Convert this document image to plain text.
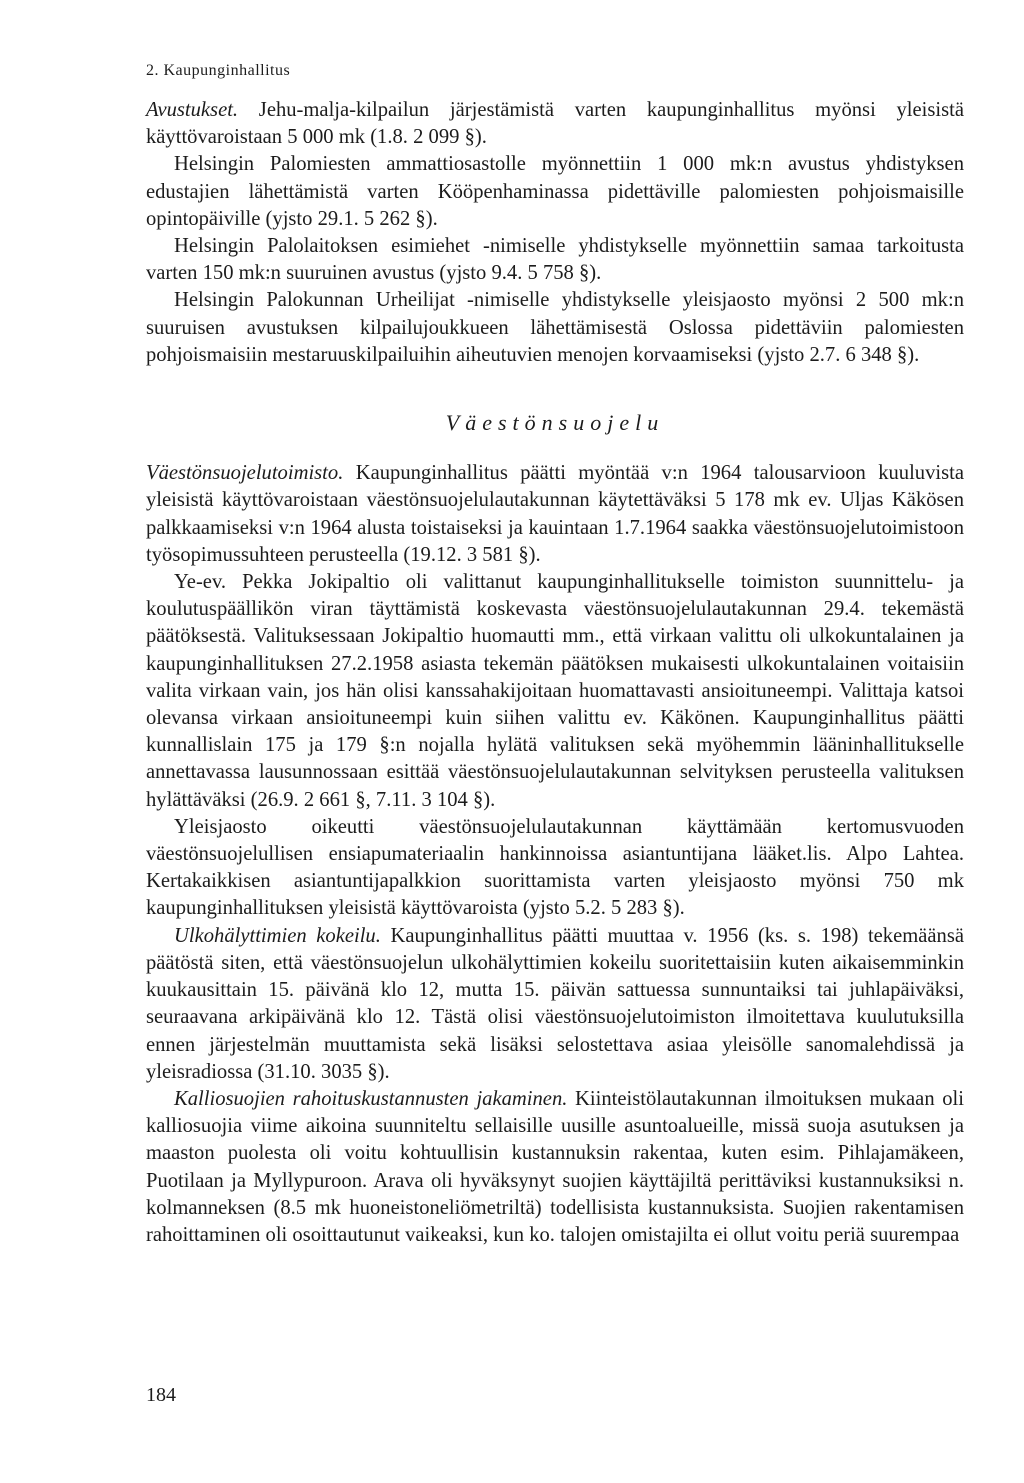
2. Kaupunginhallitus

Avustukset. Jehu-malja-kilpailun järjestämistä varten kaupunginhallitus myönsi yleisistä käyttövaroistaan 5 000 mk (1.8. 2 099 §).

Helsingin Palomiesten ammattiosastolle myönnettiin 1 000 mk:n avustus yhdistyksen edustajien lähettämistä varten Kööpenhaminassa pidettäville palomiesten pohjoismaisille opintopäiville (yjsto 29.1. 5 262 §).

Helsingin Palolaitoksen esimiehet -nimiselle yhdistykselle myönnettiin samaa tarkoitusta varten 150 mk:n suuruinen avustus (yjsto 9.4. 5 758 §).

Helsingin Palokunnan Urheilijat -nimiselle yhdistykselle yleisjaosto myönsi 2 500 mk:n suuruisen avustuksen kilpailujoukkueen lähettämisestä Oslossa pidettäviin palomiesten pohjoismaisiin mestaruuskilpailuihin aiheutuvien menojen korvaamiseksi (yjsto 2.7. 6 348 §).

Väestönsuojelu

Väestönsuojelutoimisto. Kaupunginhallitus päätti myöntää v:n 1964 talousarvioon kuuluvista yleisistä käyttövaroistaan väestönsuojelulautakunnan käytettäväksi 5 178 mk ev. Uljas Käkösen palkkaamiseksi v:n 1964 alusta toistaiseksi ja kauintaan 1.7.1964 saakka väestönsuojelutoimistoon työsopimussuhteen perusteella (19.12. 3 581 §).

Ye-ev. Pekka Jokipaltio oli valittanut kaupunginhallitukselle toimiston suunnittelu- ja koulutuspäällikön viran täyttämistä koskevasta väestönsuojelulautakunnan 29.4. tekemästä päätöksestä. Valituksessaan Jokipaltio huomautti mm., että virkaan valittu oli ulkokuntalainen ja kaupunginhallituksen 27.2.1958 asiasta tekemän päätöksen mukaisesti ulkokuntalainen voitaisiin valita virkaan vain, jos hän olisi kanssahakijoitaan huomattavasti ansioituneempi. Valittaja katsoi olevansa virkaan ansioituneempi kuin siihen valittu ev. Käkönen. Kaupunginhallitus päätti kunnallislain 175 ja 179 §:n nojalla hylätä valituksen sekä myöhemmin lääninhallitukselle annettavassa lausunnossaan esittää väestönsuojelulautakunnan selvityksen perusteella valituksen hylättäväksi (26.9. 2 661 §, 7.11. 3 104 §).

Yleisjaosto oikeutti väestönsuojelulautakunnan käyttämään kertomusvuoden väestönsuojelullisen ensiapumateriaalin hankinnoissa asiantuntijana lääket.lis. Alpo Lahtea. Kertakaikkisen asiantuntijapalkkion suorittamista varten yleisjaosto myönsi 750 mk kaupunginhallituksen yleisistä käyttövaroista (yjsto 5.2. 5 283 §).

Ulkohälyttimien kokeilu. Kaupunginhallitus päätti muuttaa v. 1956 (ks. s. 198) tekemäänsä päätöstä siten, että väestönsuojelun ulkohälyttimien kokeilu suoritettaisiin kuten aikaisemminkin kuukausittain 15. päivänä klo 12, mutta 15. päivän sattuessa sunnuntaiksi tai juhlapäiväksi, seuraavana arkipäivänä klo 12. Tästä olisi väestönsuojelutoimiston ilmoitettava kuulutuksilla ennen järjestelmän muuttamista sekä lisäksi selostettava asiaa yleisölle sanomalehdissä ja yleisradiossa (31.10. 3035 §).

Kalliosuojien rahoituskustannusten jakaminen. Kiinteistölautakunnan ilmoituksen mukaan oli kalliosuojia viime aikoina suunniteltu sellaisille uusille asuntoalueille, missä suoja asutuksen ja maaston puolesta oli voitu kohtuullisin kustannuksin rakentaa, kuten esim. Pihlajamäkeen, Puotilaan ja Myllypuroon. Arava oli hyväksynyt suojien käyttäjiltä perittäviksi kustannuksiksi n. kolmanneksen (8.5 mk huoneistoneliömetriltä) todellisista kustannuksista. Suojien rakentamisen rahoittaminen oli osoittautunut vaikeaksi, kun ko. talojen omistajilta ei ollut voitu periä suurempaa

184
